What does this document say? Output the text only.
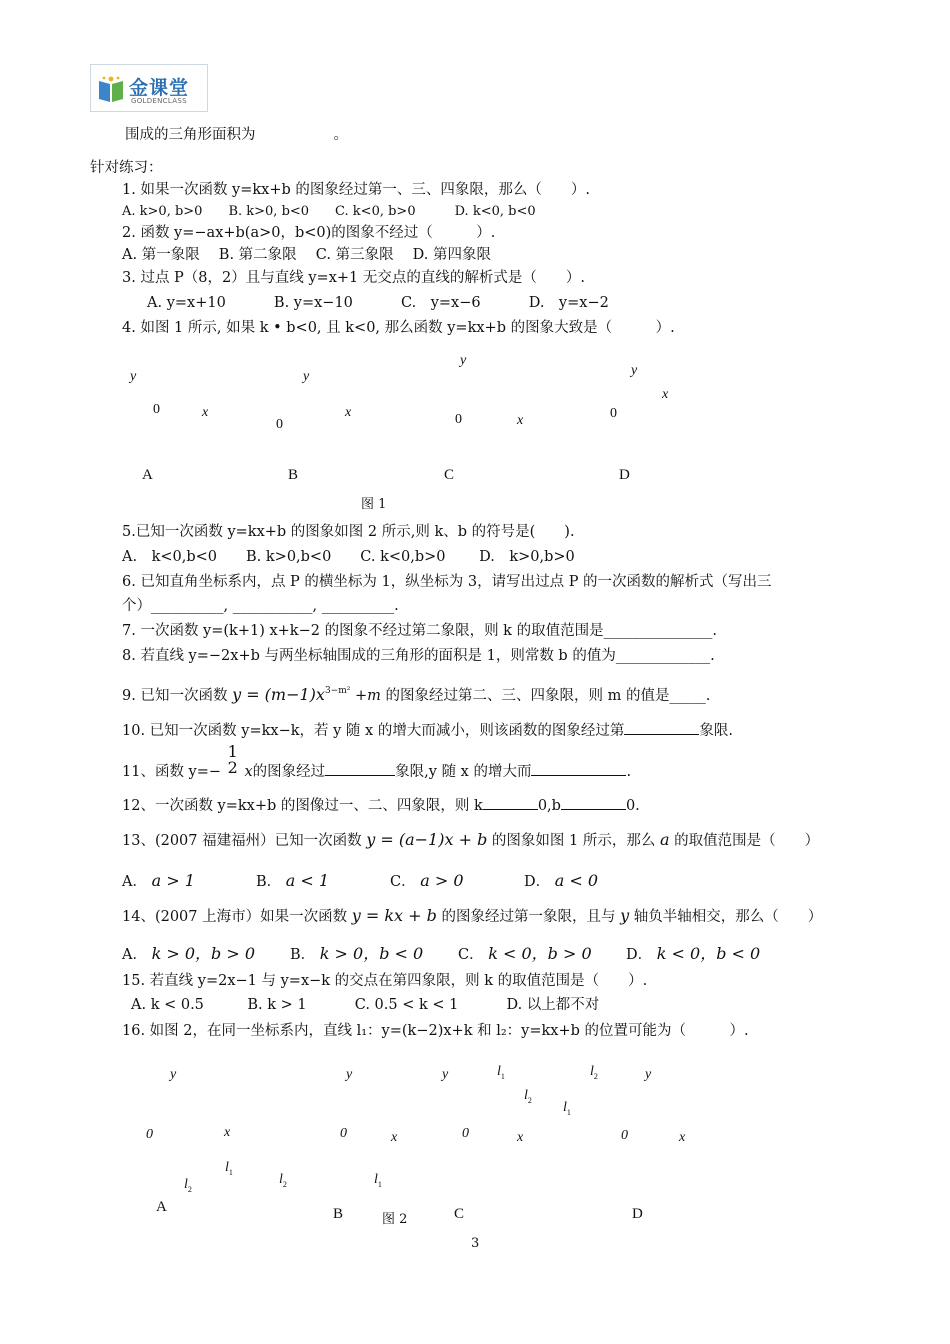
金课堂
GOLDENCLASS
围成的三角形面积为	。
针对练习：
1. 如果一次函数 y=kx+b 的图象经过第一、三、四象限，那么（　　）.
A. k>0, b>0　　B. k>0, b<0　　C. k<0, b>0　　　D. k<0, b<0
2. 函数 y=−ax+b(a>0，b<0)的图象不经过（　　　）.
A. 第一象限　 B. 第二象限　 C. 第三象限　 D. 第四象限
3. 过点 P（8，2）且与直线 y=x+1 无交点的直线的解析式是（　　）.
A. y=x+10　　　 B. y=x−10　　　 C.　y=x−6　　　 D.　y=x−2
4. 如图 1 所示, 如果 k • b<0, 且 k<0, 那么函数 y=kx+b 的图象大致是（　　　）.
y
0	x
y
x
0
y
0	x
y
x
0
A	B	C	D
图 1
5.已知一次函数 y=kx+b 的图象如图 2 所示,则 k、b 的符号是(　　).
A.　k<0,b<0　　B. k>0,b<0　　C. k<0,b>0　　 D.　k>0,b>0
6. 已知直角坐标系内，点 P 的横坐标为 1，纵坐标为 3，请写出过点 P 的一次函数的解析式（写出三
个）__________, ___________, __________.
7. 一次函数 y=(k+1) x+k−2 的图象不经过第二象限，则 k 的取值范围是_______________.
8. 若直线 y=−2x+b 与两坐标轴围成的三角形的面积是 1，则常数 b 的值为_____________.
9. 已知一次函数 $y = (m-1)x^{3-m^2} +m$ 的图象经过第二、三、四象限，则 m 的值是_____.
10. 已知一次函数 y=kx−k，若 y 随 x 的增大而减小，则该函数的图象经过第	象限.
11、函数 y=−
1
2 x的图象经过	象限,y 随 x 的增大而	.
12、一次函数 y=kx+b 的图像过一、二、四象限，则 k	0,b	0.
13、(2007 福建福州）已知一次函数 y = (a−1)x + b 的图象如图 1 所示，那么 a 的取值范围是（　　）
A． a > 1	B． a < 1	C． a > 0	D． a < 0
14、(2007 上海市）如果一次函数 y = kx + b 的图象经过第一象限，且与 y 轴负半轴相交，那么（　　）
A． k > 0，b > 0 B． k > 0，b < 0 C． k < 0，b > 0 D． k < 0，b < 0
15. 若直线 y=2x−1 与 y=x−k 的交点在第四象限，则 k 的取值范围是（　　）.
A. k < 0.5　　　B. k > 1　　　 C. 0.5 < k < 1　　　 D. 以上都不对
16. 如图 2，在同一坐标系内，直线 l₁：y=(k−2)x+k 和 l₂：y=kx+b 的位置可能为（　　　）.
y
0	x
$l_1$
$l_2$
A
y
0	x
$l_2$	$l_1$
B	图 2
y
0	x
$l_1$
$l_2$
C
$l_2$	y
$l_1$
0	x
D
3
